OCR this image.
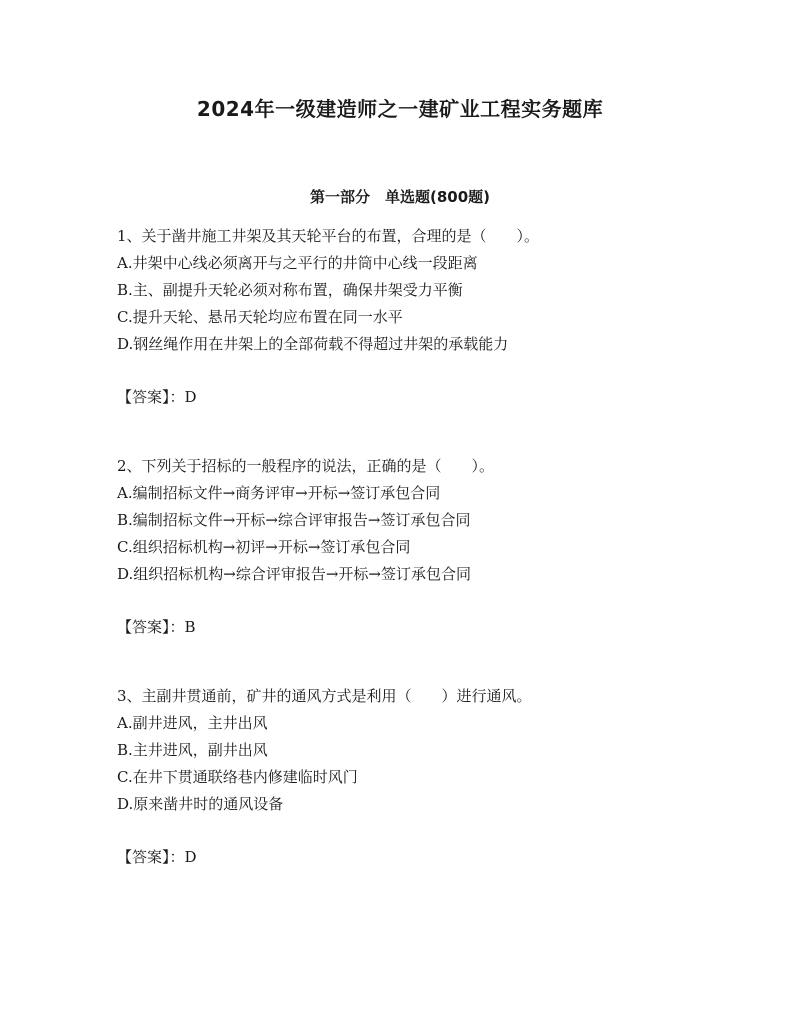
2024年一级建造师之一建矿业工程实务题库
第一部分　单选题(800题)
1、关于凿井施工井架及其天轮平台的布置，合理的是（　　）。
A.井架中心线必须离开与之平行的井筒中心线一段距离
B.主、副提升天轮必须对称布置，确保井架受力平衡
C.提升天轮、悬吊天轮均应布置在同一水平
D.钢丝绳作用在井架上的全部荷载不得超过井架的承载能力
【答案】：D
2、下列关于招标的一般程序的说法，正确的是（　　）。
A.编制招标文件→商务评审→开标→签订承包合同
B.编制招标文件→开标→综合评审报告→签订承包合同
C.组织招标机构→初评→开标→签订承包合同
D.组织招标机构→综合评审报告→开标→签订承包合同
【答案】：B
3、主副井贯通前，矿井的通风方式是利用（　　）进行通风。
A.副井进风，主井出风
B.主井进风，副井出风
C.在井下贯通联络巷内修建临时风门
D.原来凿井时的通风设备
【答案】：D
